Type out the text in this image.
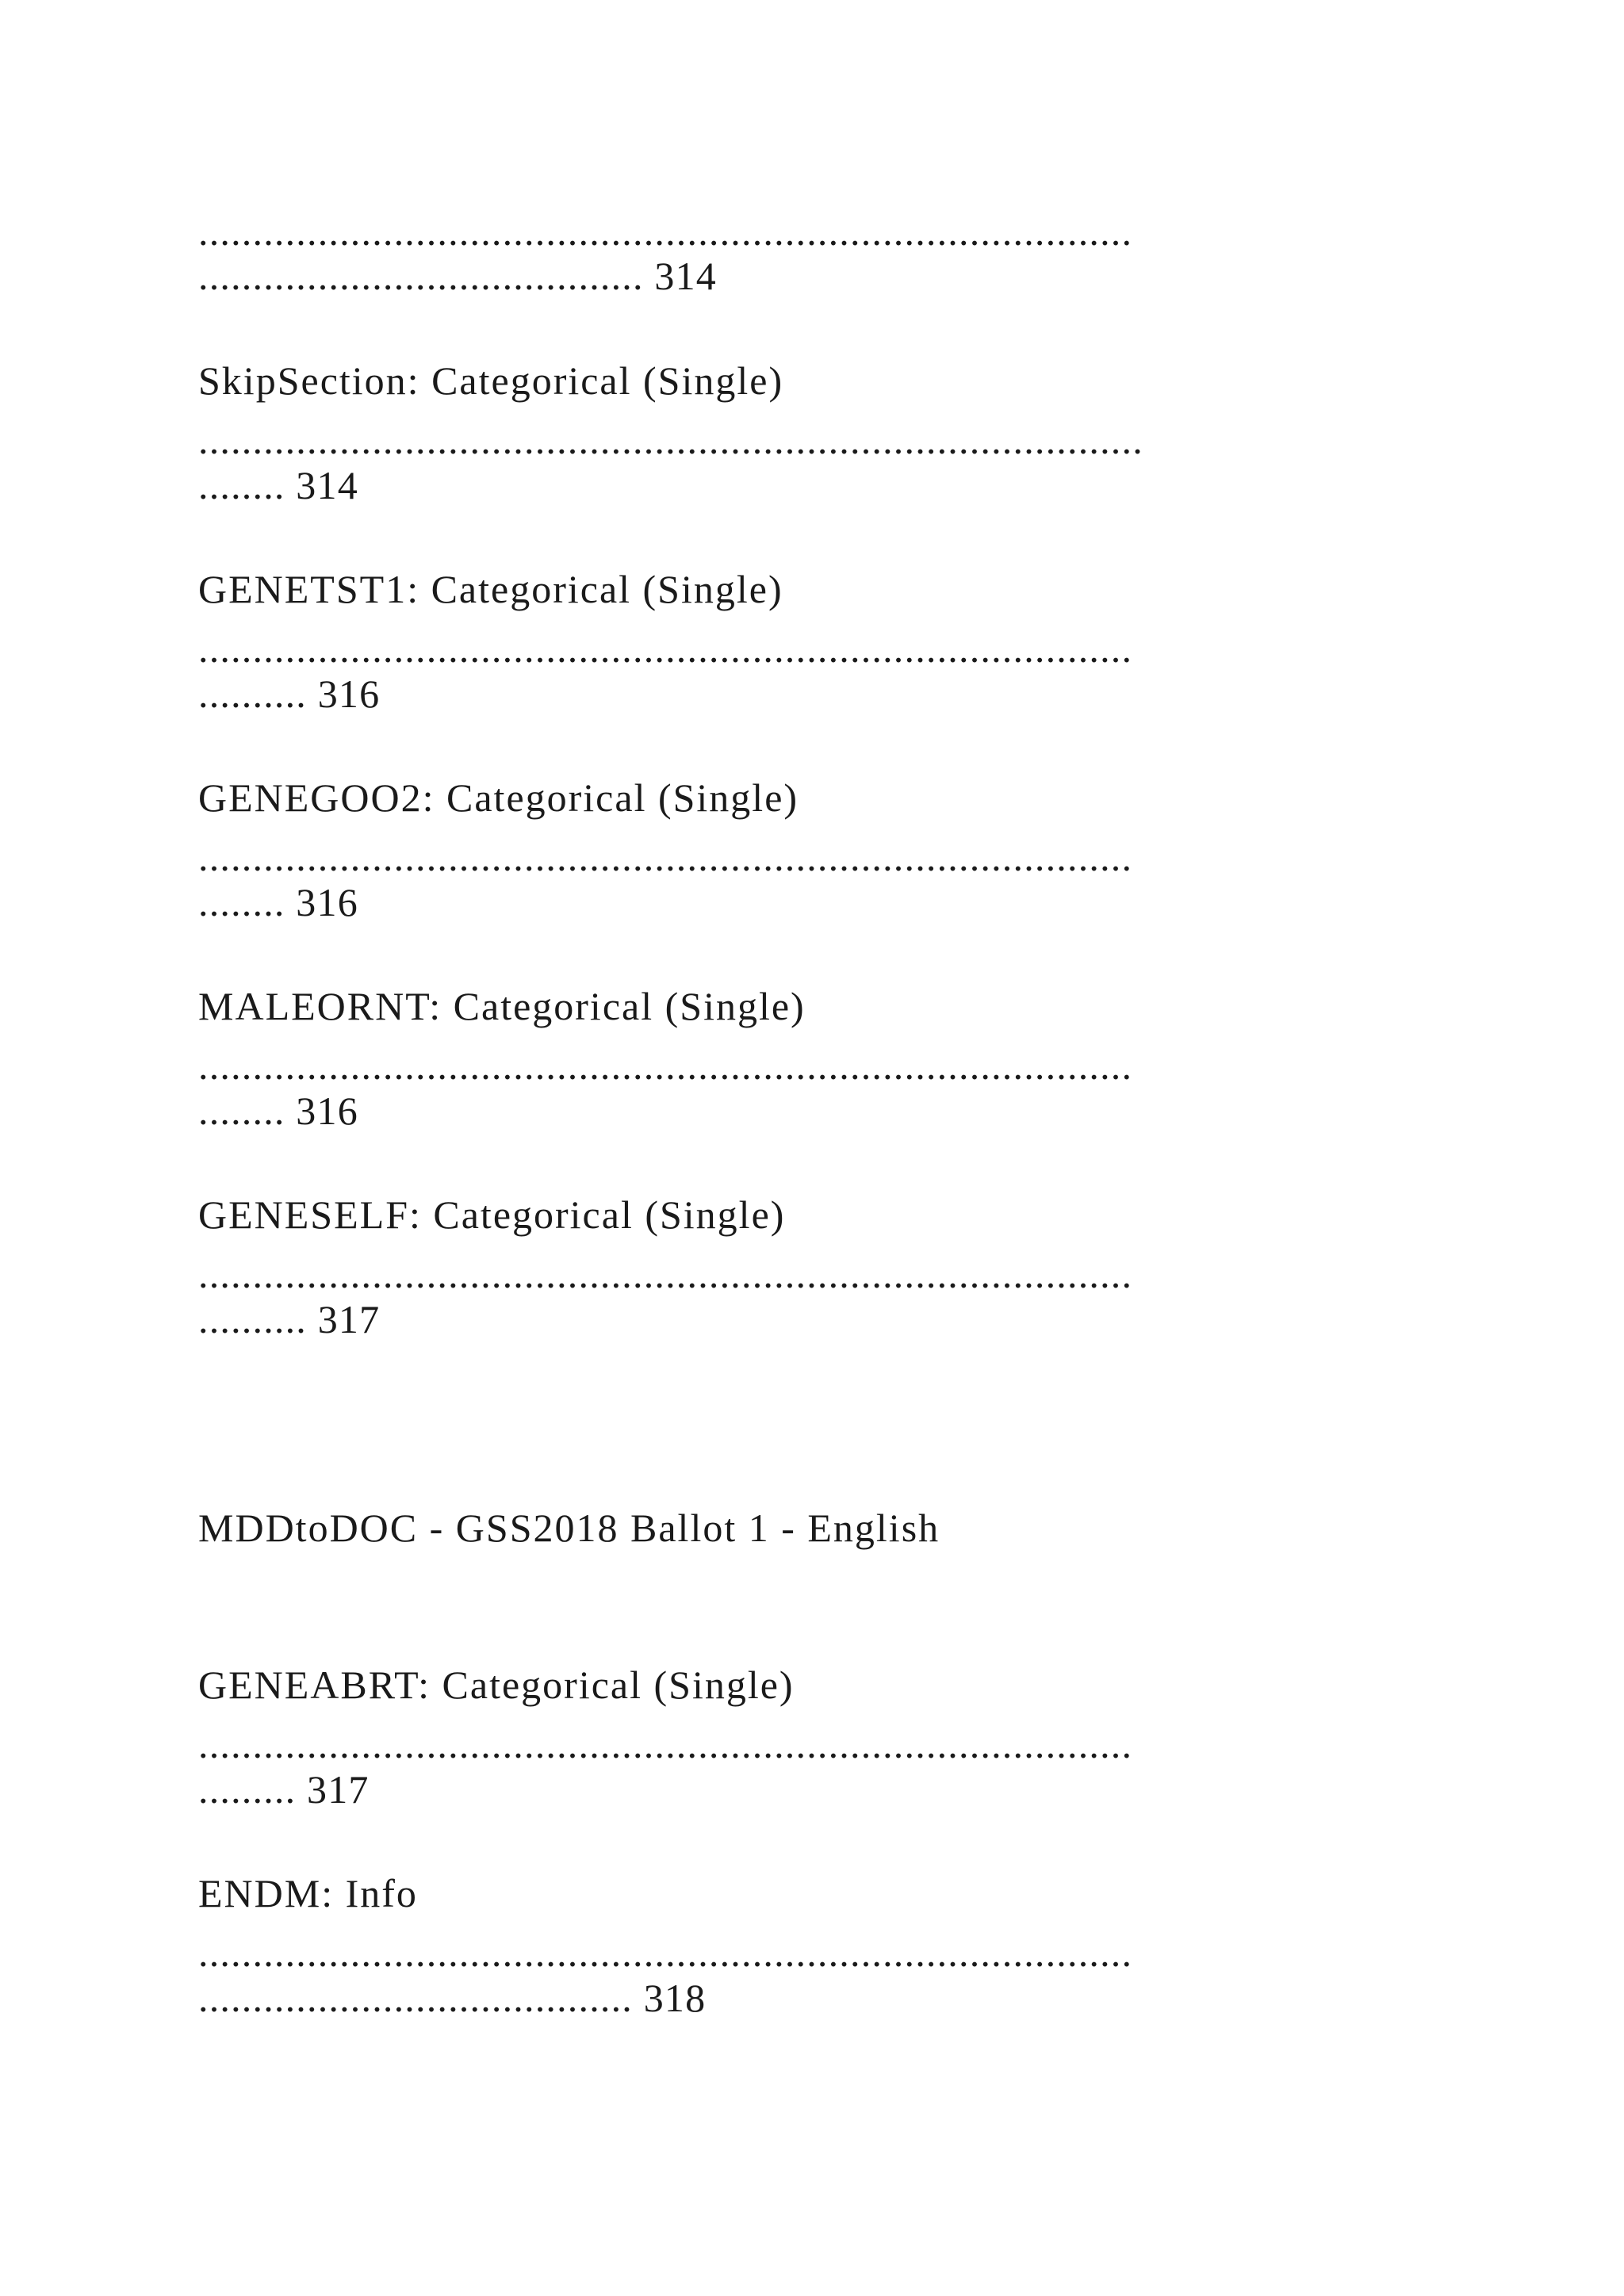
......................................................................................

......................................... 314

SkipSection: Categorical (Single)

.......................................................................................

........ 314

GENETST1: Categorical (Single)

......................................................................................

.......... 316

GENEGOO2: Categorical (Single)

......................................................................................

........ 316

MALEORNT: Categorical (Single)

......................................................................................

........ 316

GENESELF: Categorical (Single)

......................................................................................

.......... 317

MDDtoDOC - GSS2018 Ballot 1 - English

GENEABRT: Categorical (Single)

......................................................................................

......... 317

ENDM: Info

......................................................................................

........................................ 318
